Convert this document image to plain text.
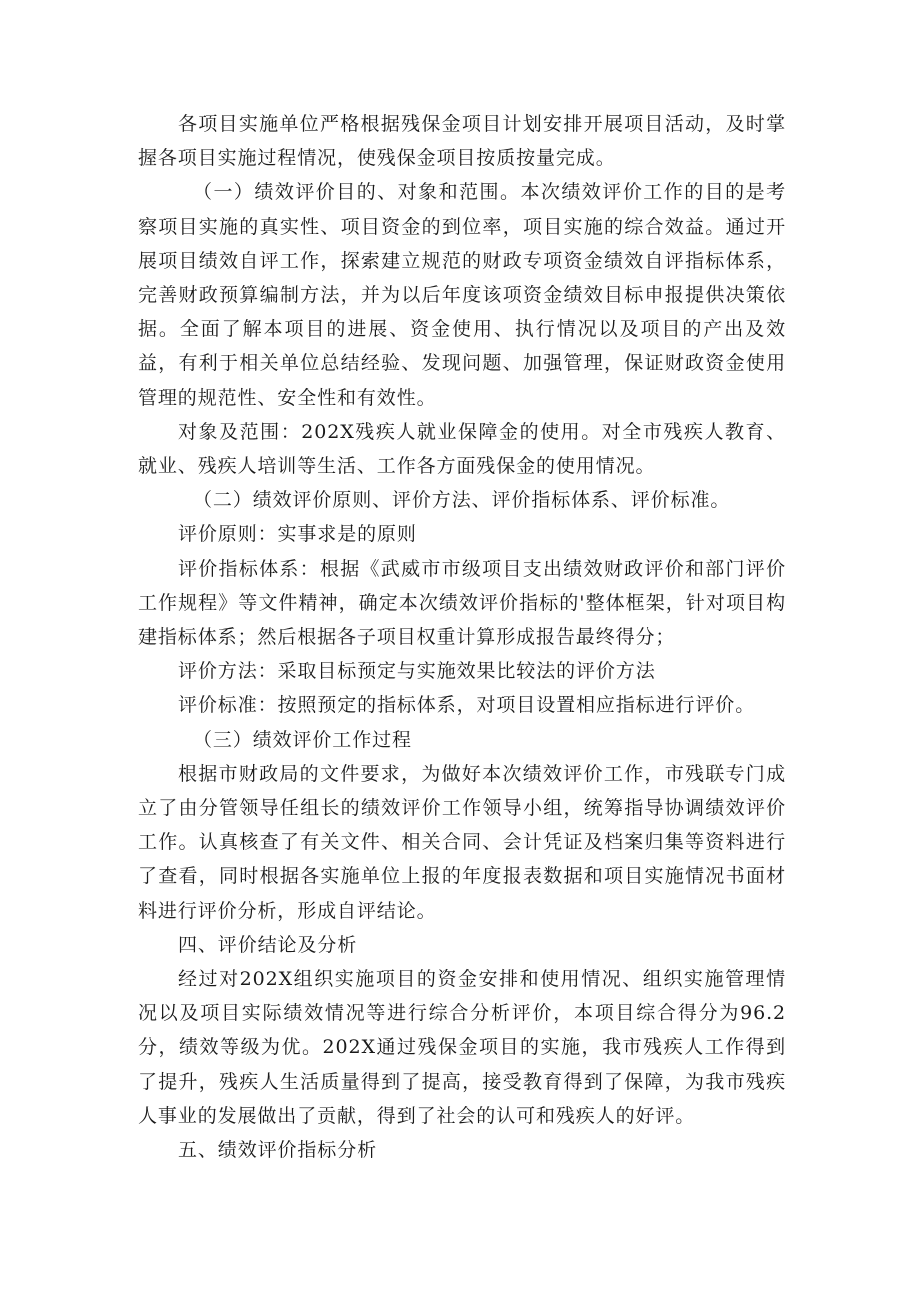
各项目实施单位严格根据残保金项目计划安排开展项目活动，及时掌握各项目实施过程情况，使残保金项目按质按量完成。

（一）绩效评价目的、对象和范围。本次绩效评价工作的目的是考察项目实施的真实性、项目资金的到位率，项目实施的综合效益。通过开展项目绩效自评工作，探索建立规范的财政专项资金绩效自评指标体系，完善财政预算编制方法，并为以后年度该项资金绩效目标申报提供决策依据。全面了解本项目的进展、资金使用、执行情况以及项目的产出及效益，有利于相关单位总结经验、发现问题、加强管理，保证财政资金使用管理的规范性、安全性和有效性。

对象及范围：202X残疾人就业保障金的使用。对全市残疾人教育、就业、残疾人培训等生活、工作各方面残保金的使用情况。

（二）绩效评价原则、评价方法、评价指标体系、评价标准。

评价原则：实事求是的原则

评价指标体系：根据《武威市市级项目支出绩效财政评价和部门评价工作规程》等文件精神，确定本次绩效评价指标的'整体框架，针对项目构建指标体系；然后根据各子项目权重计算形成报告最终得分；

评价方法：采取目标预定与实施效果比较法的评价方法

评价标准：按照预定的指标体系，对项目设置相应指标进行评价。

（三）绩效评价工作过程

根据市财政局的文件要求，为做好本次绩效评价工作，市残联专门成立了由分管领导任组长的绩效评价工作领导小组，统筹指导协调绩效评价工作。认真核查了有关文件、相关合同、会计凭证及档案归集等资料进行了查看，同时根据各实施单位上报的年度报表数据和项目实施情况书面材料进行评价分析，形成自评结论。

四、评价结论及分析

经过对202X组织实施项目的资金安排和使用情况、组织实施管理情况以及项目实际绩效情况等进行综合分析评价，本项目综合得分为96.2分，绩效等级为优。202X通过残保金项目的实施，我市残疾人工作得到了提升，残疾人生活质量得到了提高，接受教育得到了保障，为我市残疾人事业的发展做出了贡献，得到了社会的认可和残疾人的好评。

五、绩效评价指标分析
